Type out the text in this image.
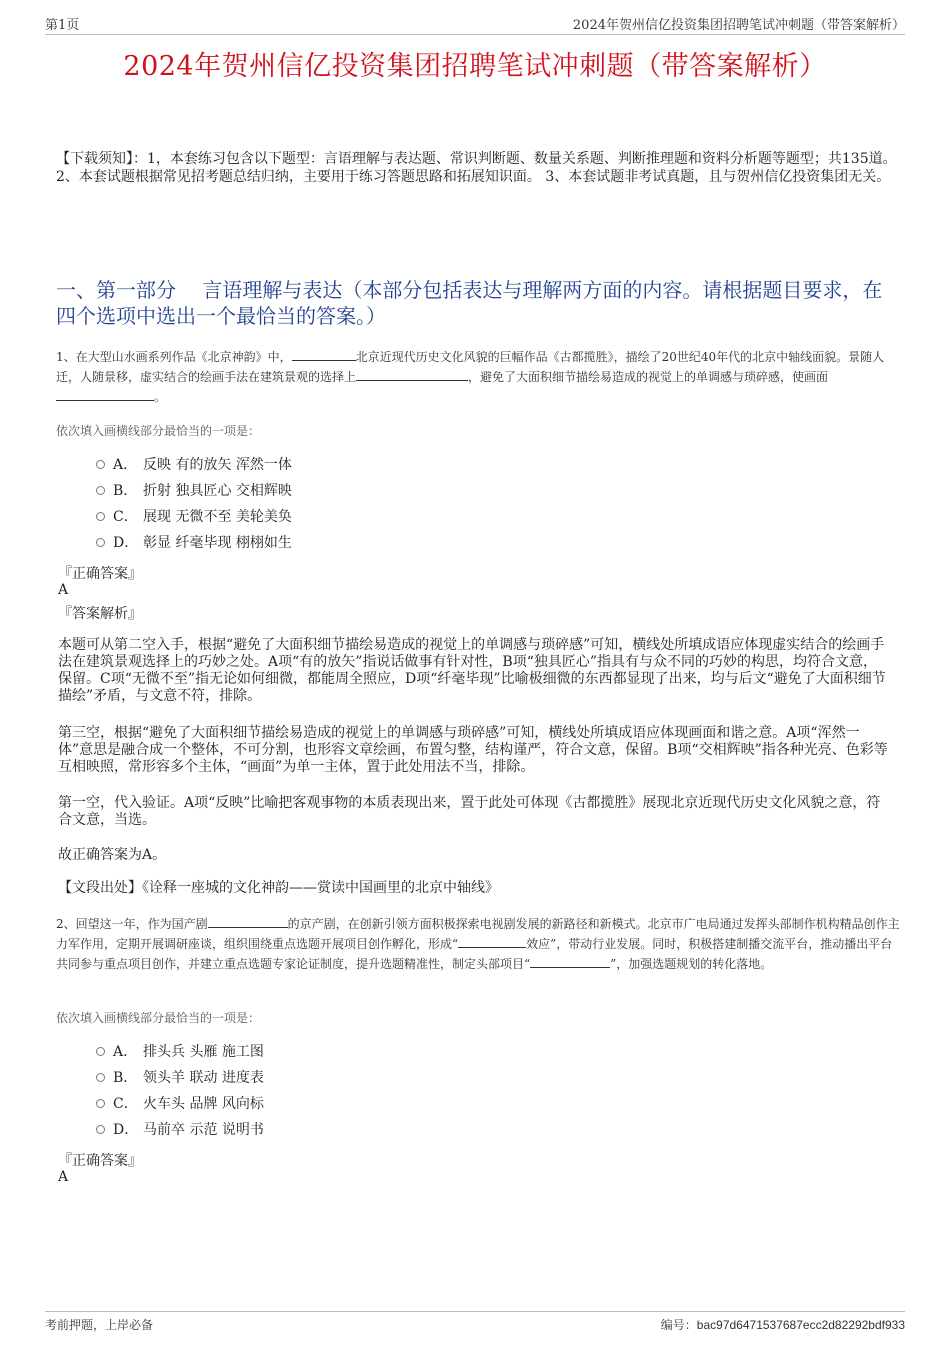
第1页	2024年贺州信亿投资集团招聘笔试冲刺题（带答案解析）
2024年贺州信亿投资集团招聘笔试冲刺题（带答案解析）
【下载须知】：1，本套练习包含以下题型：言语理解与表达题、常识判断题、数量关系题、判断推理题和资料分析题等题型；共135道。 2、本套试题根据常见招考题总结归纳，主要用于练习答题思路和拓展知识面。 3、本套试题非考试真题，且与贺州信亿投资集团无关。
一、第一部分　 言语理解与表达（本部分包括表达与理解两方面的内容。请根据题目要求，在四个选项中选出一个最恰当的答案。）
1、在大型山水画系列作品《北京神韵》中，	北京近现代历史文化风貌的巨幅作品《古都揽胜》，描绘了20世纪40年代的北京中轴线面貌。景随人迁，人随景移，虚实结合的绘画手法在建筑景观的选择上	，避免了大面积细节描绘易造成的视觉上的单调感与琐碎感，使画面。
依次填入画横线部分最恰当的一项是：
A． 反映 有的放矢 浑然一体
B． 折射 独具匠心 交相辉映
C． 展现 无微不至 美轮美奂
D． 彰显 纤毫毕现 栩栩如生
『正确答案』
A
『答案解析』
本题可从第二空入手，根据“避免了大面积细节描绘易造成的视觉上的单调感与琐碎感”可知，横线处所填成语应体现虚实结合的绘画手法在建筑景观选择上的巧妙之处。A项“有的放矢”指说话做事有针对性，B项“独具匠心”指具有与众不同的巧妙的构思，均符合文意，保留。C项“无微不至”指无论如何细微，都能周全照应，D项“纤毫毕现”比喻极细微的东西都显现了出来，均与后文“避免了大面积细节描绘”矛盾，与文意不符，排除。
第三空，根据“避免了大面积细节描绘易造成的视觉上的单调感与琐碎感”可知，横线处所填成语应体现画面和谐之意。A项“浑然一体”意思是融合成一个整体，不可分割，也形容文章绘画，布置匀整，结构谨严，符合文意，保留。B项“交相辉映”指各种光亮、色彩等互相映照，常形容多个主体，“画面”为单一主体，置于此处用法不当，排除。
第一空，代入验证。A项“反映”比喻把客观事物的本质表现出来，置于此处可体现《古都揽胜》展现北京近现代历史文化风貌之意，符合文意，当选。
故正确答案为A。
【文段出处】《诠释一座城的文化神韵——赏读中国画里的北京中轴线》
2、回望这一年，作为国产剧	的京产剧，在创新引领方面积极探索电视剧发展的新路径和新模式。北京市广电局通过发挥头部制作机构精品创作主力军作用，定期开展调研座谈，组织围绕重点选题开展项目创作孵化，形成“	效应”，带动行业发展。同时，积极搭建制播交流平台，推动播出平台共同参与重点项目创作，并建立重点选题专家论证制度，提升选题精准性，制定头部项目“	”，加强选题规划的转化落地。
依次填入画横线部分最恰当的一项是：
A． 排头兵 头雁 施工图
B． 领头羊 联动 进度表
C． 火车头 品牌 风向标
D． 马前卒 示范 说明书
『正确答案』
A
考前押题，上岸必备	编号：bac97d6471537687ecc2d82292bdf933
